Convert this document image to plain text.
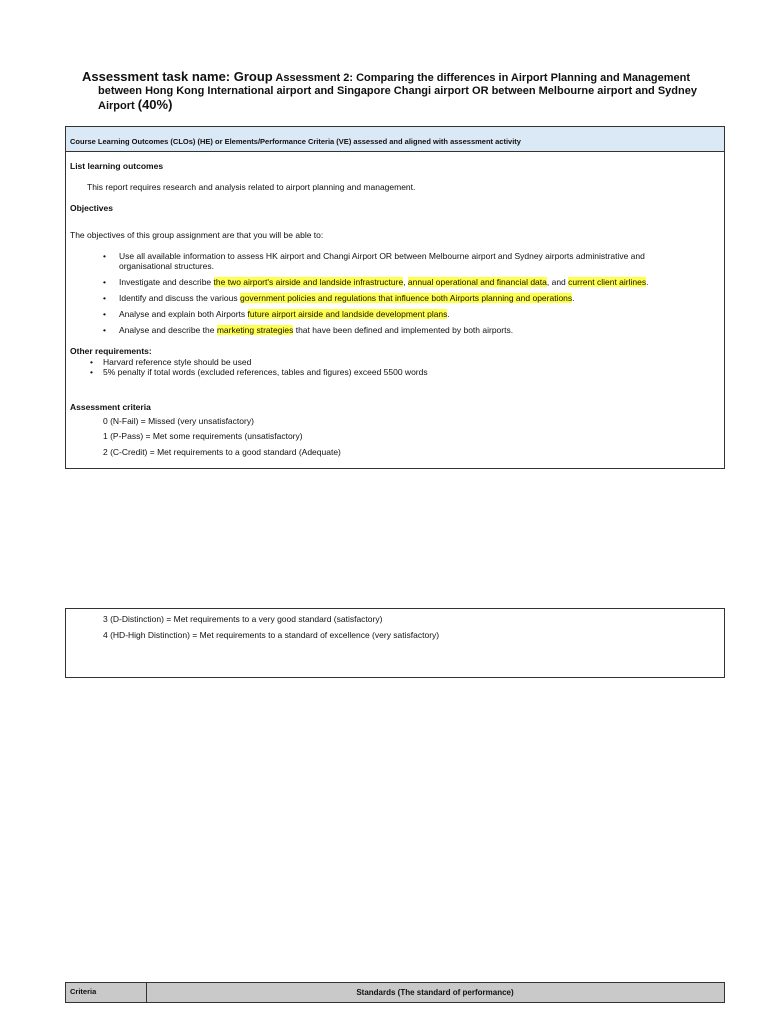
Assessment task name: Group Assessment 2: Comparing the differences in Airport Planning and Management
between Hong Kong International airport and Singapore Changi airport OR between Melbourne airport and Sydney
Airport (40%)
Course Learning Outcomes (CLOs) (HE) or Elements/Performance Criteria (VE) assessed and aligned with assessment activity
List learning outcomes
This report requires research and analysis related to airport planning and management.
Objectives
The objectives of this group assignment are that you will be able to:
• Use all available information to assess HK airport and Changi Airport OR between Melbourne airport and Sydney airports administrative and
organisational structures.
• Investigate and describe the two airport's airside and landside infrastructure, annual operational and financial data, and current client airlines.
• Identify and discuss the various government policies and regulations that influence both Airports planning and operations.
• Analyse and explain both Airports future airport airside and landside development plans.
• Analyse and describe the marketing strategies that have been defined and implemented by both airports.
Other requirements:
• Harvard reference style should be used
• 5% penalty if total words (excluded references, tables and figures) exceed 5500 words
Assessment criteria
0 (N-Fail) = Missed (very unsatisfactory)
1 (P-Pass) = Met some requirements (unsatisfactory)
2 (C-Credit) = Met requirements to a good standard (Adequate)
3 (D-Distinction) = Met requirements to a very good standard (satisfactory)
4 (HD-High Distinction) = Met requirements to a standard of excellence (very satisfactory)
Criteria	Standards (The standard of performance)
